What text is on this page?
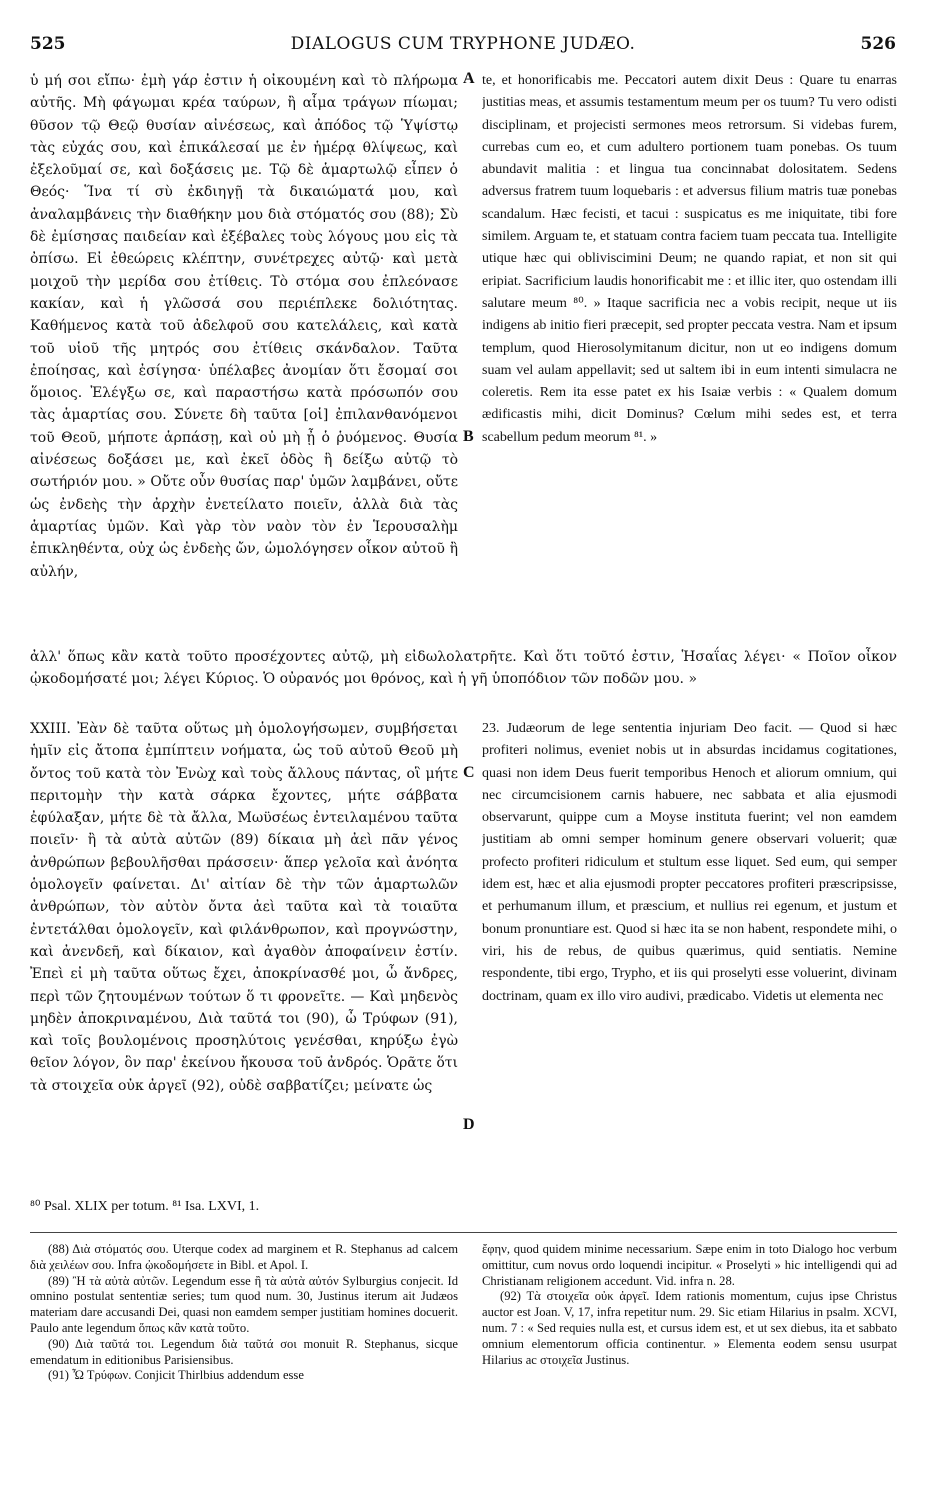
525	DIALOGUS CUM TRYPHONE JUDÆO.	526
A
B
C
D

ὑ μή σοι εἴπω· ἐμὴ γάρ ἐστιν ἡ οἰκουμένη καὶ τὸ πλήρωμα αὐτῆς. Μὴ φάγωμαι κρέα ταύρων, ἢ αἷμα τράγων πίωμαι; θῦσον τῷ Θεῷ θυσίαν αἰνέσεως, καὶ ἀπόδος τῷ Ὑψίστῳ τὰς εὐχάς σου, καὶ ἐπικάλεσαί με ἐν ἡμέρᾳ θλίψεως, καὶ ἐξελοῦμαί σε, καὶ δοξάσεις με. Τῷ δὲ ἁμαρτωλῷ εἶπεν ὁ Θεός· Ἵνα τί σὺ ἐκδιηγῇ τὰ δικαιώματά μου, καὶ ἀναλαμβάνεις τὴν διαθήκην μου διὰ στόματός σου (88); Σὺ δὲ ἐμίσησας παιδείαν καὶ ἐξέβαλες τοὺς λόγους μου εἰς τὰ ὀπίσω. Εἰ ἐθεώρεις κλέπτην, συνέτρεχες αὐτῷ· καὶ μετὰ μοιχοῦ τὴν μερίδα σου ἐτίθεις. Τὸ στόμα σου ἐπλεόνασε κακίαν, καὶ ἡ γλῶσσά σου περιέπλεκε δολιότητας. Καθήμενος κατὰ τοῦ ἀδελφοῦ σου κατελάλεις, καὶ κατὰ τοῦ υἱοῦ τῆς μητρός σου ἐτίθεις σκάνδαλον. Ταῦτα ἐποίησας, καὶ ἐσίγησα· ὑπέλαβες ἀνομίαν ὅτι ἔσομαί σοι ὅμοιος. Ἐλέγξω σε, καὶ παραστήσω κατὰ πρόσωπόν σου τὰς ἁμαρτίας σου. Σύνετε δὴ ταῦτα [οἱ] ἐπιλανθανόμενοι τοῦ Θεοῦ, μήποτε ἁρπάσῃ, καὶ οὐ μὴ ᾖ ὁ ῥυόμενος. Θυσία αἰνέσεως δοξάσει με, καὶ ἐκεῖ ὁδὸς ἣ δείξω αὐτῷ τὸ σωτήριόν μου. » Οὔτε οὖν θυσίας παρ' ὑμῶν λαμβάνει, οὔτε ὡς ἐνδεὴς τὴν ἀρχὴν ἐνετείλατο ποιεῖν, ἀλλὰ διὰ τὰς ἁμαρτίας ὑμῶν. Καὶ γὰρ τὸν ναὸν τὸν ἐν Ἱερουσαλὴμ ἐπικληθέντα, οὐχ ὡς ἐνδεὴς ὤν, ὡμολόγησεν οἶκον αὐτοῦ ἢ αὐλήν,

te, et honorificabis me. Peccatori autem dixit Deus : Quare tu enarras justitias meas, et assumis testamentum meum per os tuum? Tu vero odisti disciplinam, et projecisti sermones meos retrorsum. Si videbas furem, currebas cum eo, et cum adultero portionem tuam ponebas. Os tuum abundavit malitia : et lingua tua concinnabat dolositatem. Sedens adversus fratrem tuum loquebaris : et adversus filium matris tuæ ponebas scandalum. Hæc fecisti, et tacui : suspicatus es me iniquitate, tibi fore similem. Arguam te, et statuam contra faciem tuam peccata tua. Intelligite utique hæc qui obliviscimini Deum; ne quando rapiat, et non sit qui eripiat. Sacrificium laudis honorificabit me : et illic iter, quo ostendam illi salutare meum ⁸⁰. » Itaque sacrificia nec a vobis recipit, neque ut iis indigens ab initio fieri præcepit, sed propter peccata vestra. Nam et ipsum templum, quod Hierosolymitanum dicitur, non ut eo indigens domum suam vel aulam appellavit; sed ut saltem ibi in eum intenti simulacra ne coleretis. Rem ita esse patet ex his Isaiæ verbis : « Qualem domum ædificastis mihi, dicit Dominus? Cœlum mihi sedes est, et terra scabellum pedum meorum ⁸¹. »

ἀλλ' ὅπως κἂν κατὰ τοῦτο προσέχοντες αὐτῷ, μὴ εἰδωλολατρῆτε. Καὶ ὅτι τοῦτό ἐστιν, Ἡσαΐας λέγει· « Ποῖον οἶκον ᾠκοδομήσατέ μοι; λέγει Κύριος. Ὁ οὐρανός μοι θρόνος, καὶ ἡ γῆ ὑποπόδιον τῶν ποδῶν μου. »

XXIII. Ἐὰν δὲ ταῦτα οὕτως μὴ ὁμολογήσωμεν, συμβήσεται ἡμῖν εἰς ἄτοπα ἐμπίπτειν νοήματα, ὡς τοῦ αὐτοῦ Θεοῦ μὴ ὄντος τοῦ κατὰ τὸν Ἐνὼχ καὶ τοὺς ἄλλους πάντας, οἳ μήτε περιτομὴν τὴν κατὰ σάρκα ἔχοντες, μήτε σάββατα ἐφύλαξαν, μήτε δὲ τὰ ἄλλα, Μωϋσέως ἐντειλαμένου ταῦτα ποιεῖν· ἢ τὰ αὐτὰ αὐτῶν (89) δίκαια μὴ ἀεὶ πᾶν γένος ἀνθρώπων βεβουλῆσθαι πράσσειν· ἅπερ γελοῖα καὶ ἀνόητα ὁμολογεῖν φαίνεται. Δι' αἰτίαν δὲ τὴν τῶν ἁμαρτωλῶν ἀνθρώπων, τὸν αὐτὸν ὄντα ἀεὶ ταῦτα καὶ τὰ τοιαῦτα ἐντετάλθαι ὁμολογεῖν, καὶ φιλάνθρωπον, καὶ προγνώστην, καὶ ἀνενδεῆ, καὶ δίκαιον, καὶ ἀγαθὸν ἀποφαίνειν ἐστίν. Ἐπεὶ εἰ μὴ ταῦτα οὕτως ἔχει, ἀποκρίνασθέ μοι, ὦ ἄνδρες, περὶ τῶν ζητουμένων τούτων ὅ τι φρονεῖτε. — Καὶ μηδενὸς μηδὲν ἀποκριναμένου, Διὰ ταῦτά τοι (90), ὦ Τρύφων (91), καὶ τοῖς βουλομένοις προσηλύτοις γενέσθαι, κηρύξω ἐγὼ θεῖον λόγον, ὃν παρ' ἐκείνου ἤκουσα τοῦ ἀνδρός. Ὁρᾶτε ὅτι τὰ στοιχεῖα οὐκ ἀργεῖ (92), οὐδὲ σαββατίζει; μείνατε ὡς

23. Judæorum de lege sententia injuriam Deo facit. — Quod si hæc profiteri nolimus, eveniet nobis ut in absurdas incidamus cogitationes, quasi non idem Deus fuerit temporibus Henoch et aliorum omnium, qui nec circumcisionem carnis habuere, nec sabbata et alia ejusmodi observarunt, quippe cum a Moyse instituta fuerint; vel non eamdem justitiam ab omni semper hominum genere observari voluerit; quæ profecto profiteri ridiculum et stultum esse liquet. Sed eum, qui semper idem est, hæc et alia ejusmodi propter peccatores profiteri præscripsisse, et perhumanum illum, et præscium, et nullius rei egenum, et justum et bonum pronuntiare est. Quod si hæc ita se non habent, respondete mihi, o viri, his de rebus, de quibus quærimus, quid sentiatis. Nemine respondente, tibi ergo, Trypho, et iis qui proselyti esse voluerint, divinam doctrinam, quam ex illo viro audivi, prædicabo. Videtis ut elementa nec

⁸⁰ Psal. XLIX per totum. ⁸¹ Isa. LXVI, 1.

(88) Διὰ στόματός σου. Uterque codex ad marginem et R. Stephanus ad calcem διὰ χειλέων σου. Infra ᾠκοδομήσετε in Bibl. et Apol. I.

(89) Ἢ τὰ αὐτὰ αὐτῶν. Legendum esse ἢ τὰ αὐτὰ αὐτόν Sylburgius conjecit. Id omnino postulat sententiæ series; tum quod num. 30, Justinus iterum ait Judæos materiam dare accusandi Dei, quasi non eamdem semper justitiam homines docuerit. Paulo ante legendum ὅπως κἂν κατὰ τοῦτο.

(90) Διὰ ταῦτά τοι. Legendum διὰ ταῦτά σοι monuit R. Stephanus, sicque emendatum in editionibus Parisiensibus.

(91) Ὦ Τρύφων. Conjicit Thirlbius addendum esse

ἔφην, quod quidem minime necessarium. Sæpe enim in toto Dialogo hoc verbum omittitur, cum novus ordo loquendi incipitur. « Proselyti » hic intelligendi qui ad Christianam religionem accedunt. Vid. infra n. 28.

(92) Τὰ στοιχεῖα οὐκ ἀργεῖ. Idem rationis momentum, cujus ipse Christus auctor est Joan. V, 17, infra repetitur num. 29. Sic etiam Hilarius in psalm. XCVI, num. 7 : « Sed requies nulla est, et cursus idem est, et ut sex diebus, ita et sabbato omnium elementorum officia continentur. » Elementa eodem sensu usurpat Hilarius ac στοιχεῖα Justinus.
